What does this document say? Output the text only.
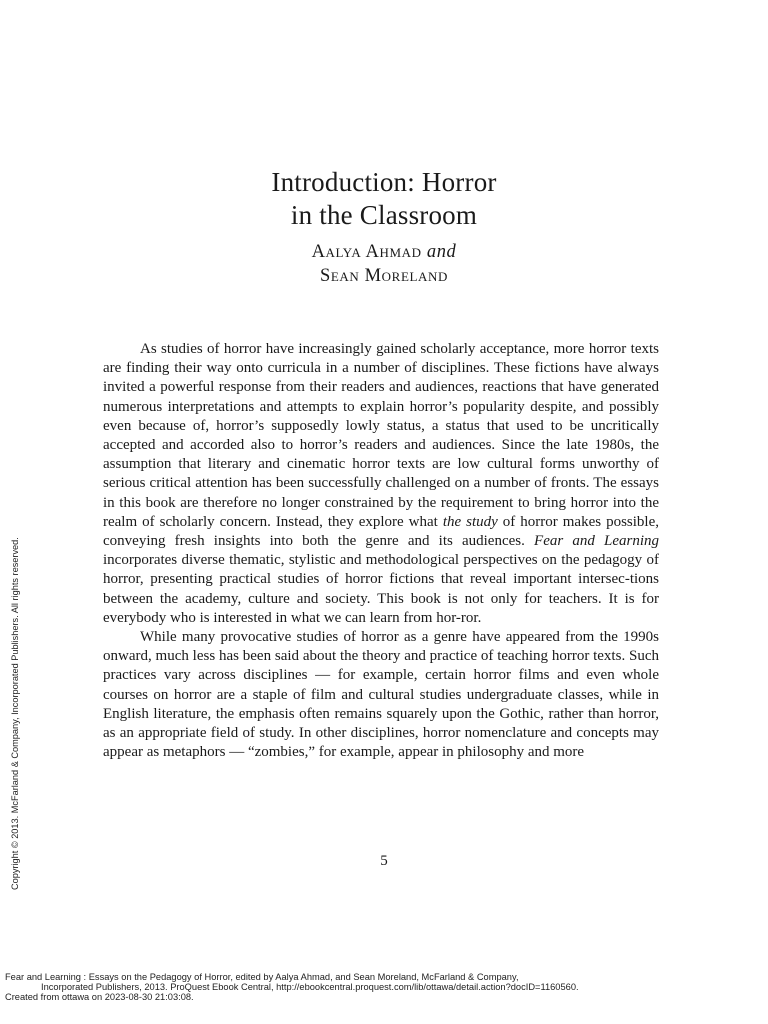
Introduction: Horror
in the Classroom
Aalya Ahmad and
Sean Moreland

As studies of horror have increasingly gained scholarly acceptance, more horror texts are finding their way onto curricula in a number of disciplines. These fictions have always invited a powerful response from their readers and audiences, reactions that have generated numerous interpretations and attempts to explain horror’s popularity despite, and possibly even because of, horror’s supposedly lowly status, a status that used to be uncritically accepted and accorded also to horror’s readers and audiences. Since the late 1980s, the assumption that literary and cinematic horror texts are low cultural forms unworthy of serious critical attention has been successfully challenged on a number of fronts. The essays in this book are therefore no longer constrained by the requirement to bring horror into the realm of scholarly concern. Instead, they explore what the study of horror makes possible, conveying fresh insights into both the genre and its audiences. Fear and Learning incorporates diverse thematic, stylistic and methodological perspectives on the pedagogy of horror, presenting practical studies of horror fictions that reveal important intersec-tions between the academy, culture and society. This book is not only for teachers. It is for everybody who is interested in what we can learn from hor-ror.

While many provocative studies of horror as a genre have appeared from the 1990s onward, much less has been said about the theory and practice of teaching horror texts. Such practices vary across disciplines — for example, certain horror films and even whole courses on horror are a staple of film and cultural studies undergraduate classes, while in English literature, the emphasis often remains squarely upon the Gothic, rather than horror, as an appropriate field of study. In other disciplines, horror nomenclature and concepts may appear as metaphors — “zombies,” for example, appear in philosophy and more

5
Copyright © 2013. McFarland & Company, Incorporated Publishers. All rights reserved.
Fear and Learning : Essays on the Pedagogy of Horror, edited by Aalya Ahmad, and Sean Moreland, McFarland & Company,
Incorporated Publishers, 2013. ProQuest Ebook Central, http://ebookcentral.proquest.com/lib/ottawa/detail.action?docID=1160560.
Created from ottawa on 2023-08-30 21:03:08.
